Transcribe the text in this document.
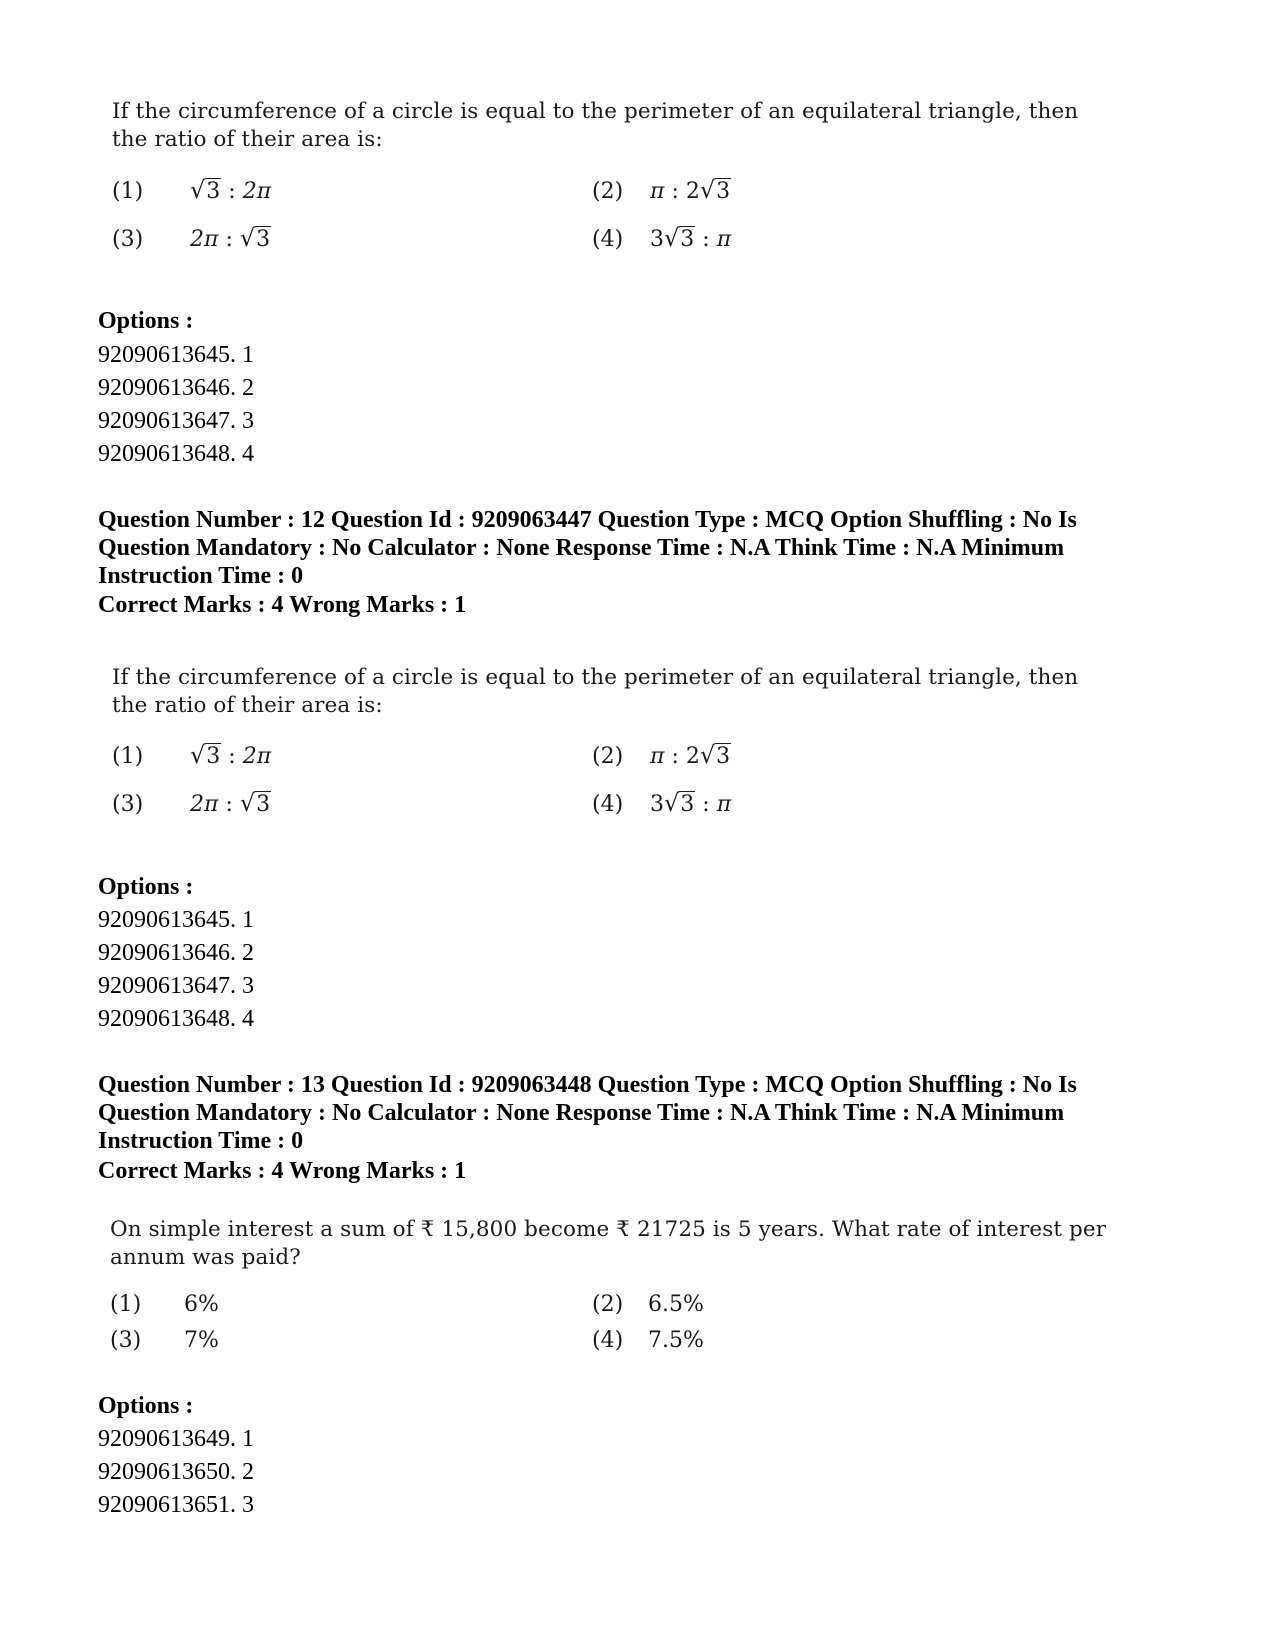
If the circumference of a circle is equal to the perimeter of an equilateral triangle, then the ratio of their area is:
(1)	√3 : 2π	(2)	π : 2√3
(3)	2π : √3	(4)	3√3 : π
Options :
92090613645. 1
92090613646. 2
92090613647. 3
92090613648. 4
Question Number : 12 Question Id : 9209063447 Question Type : MCQ Option Shuffling : No Is
Question Mandatory : No Calculator : None Response Time : N.A Think Time : N.A Minimum
Instruction Time : 0
Correct Marks : 4 Wrong Marks : 1
If the circumference of a circle is equal to the perimeter of an equilateral triangle, then the ratio of their area is:
(1)	√3 : 2π	(2)	π : 2√3
(3)	2π : √3	(4)	3√3 : π
Options :
92090613645. 1
92090613646. 2
92090613647. 3
92090613648. 4
Question Number : 13 Question Id : 9209063448 Question Type : MCQ Option Shuffling : No Is
Question Mandatory : No Calculator : None Response Time : N.A Think Time : N.A Minimum
Instruction Time : 0
Correct Marks : 4 Wrong Marks : 1
On simple interest a sum of ₹ 15,800 become ₹ 21725 is 5 years. What rate of interest per
annum was paid?
(1)	6%	(2)	6.5%
(3)	7%	(4)	7.5%
Options :
92090613649. 1
92090613650. 2
92090613651. 3
